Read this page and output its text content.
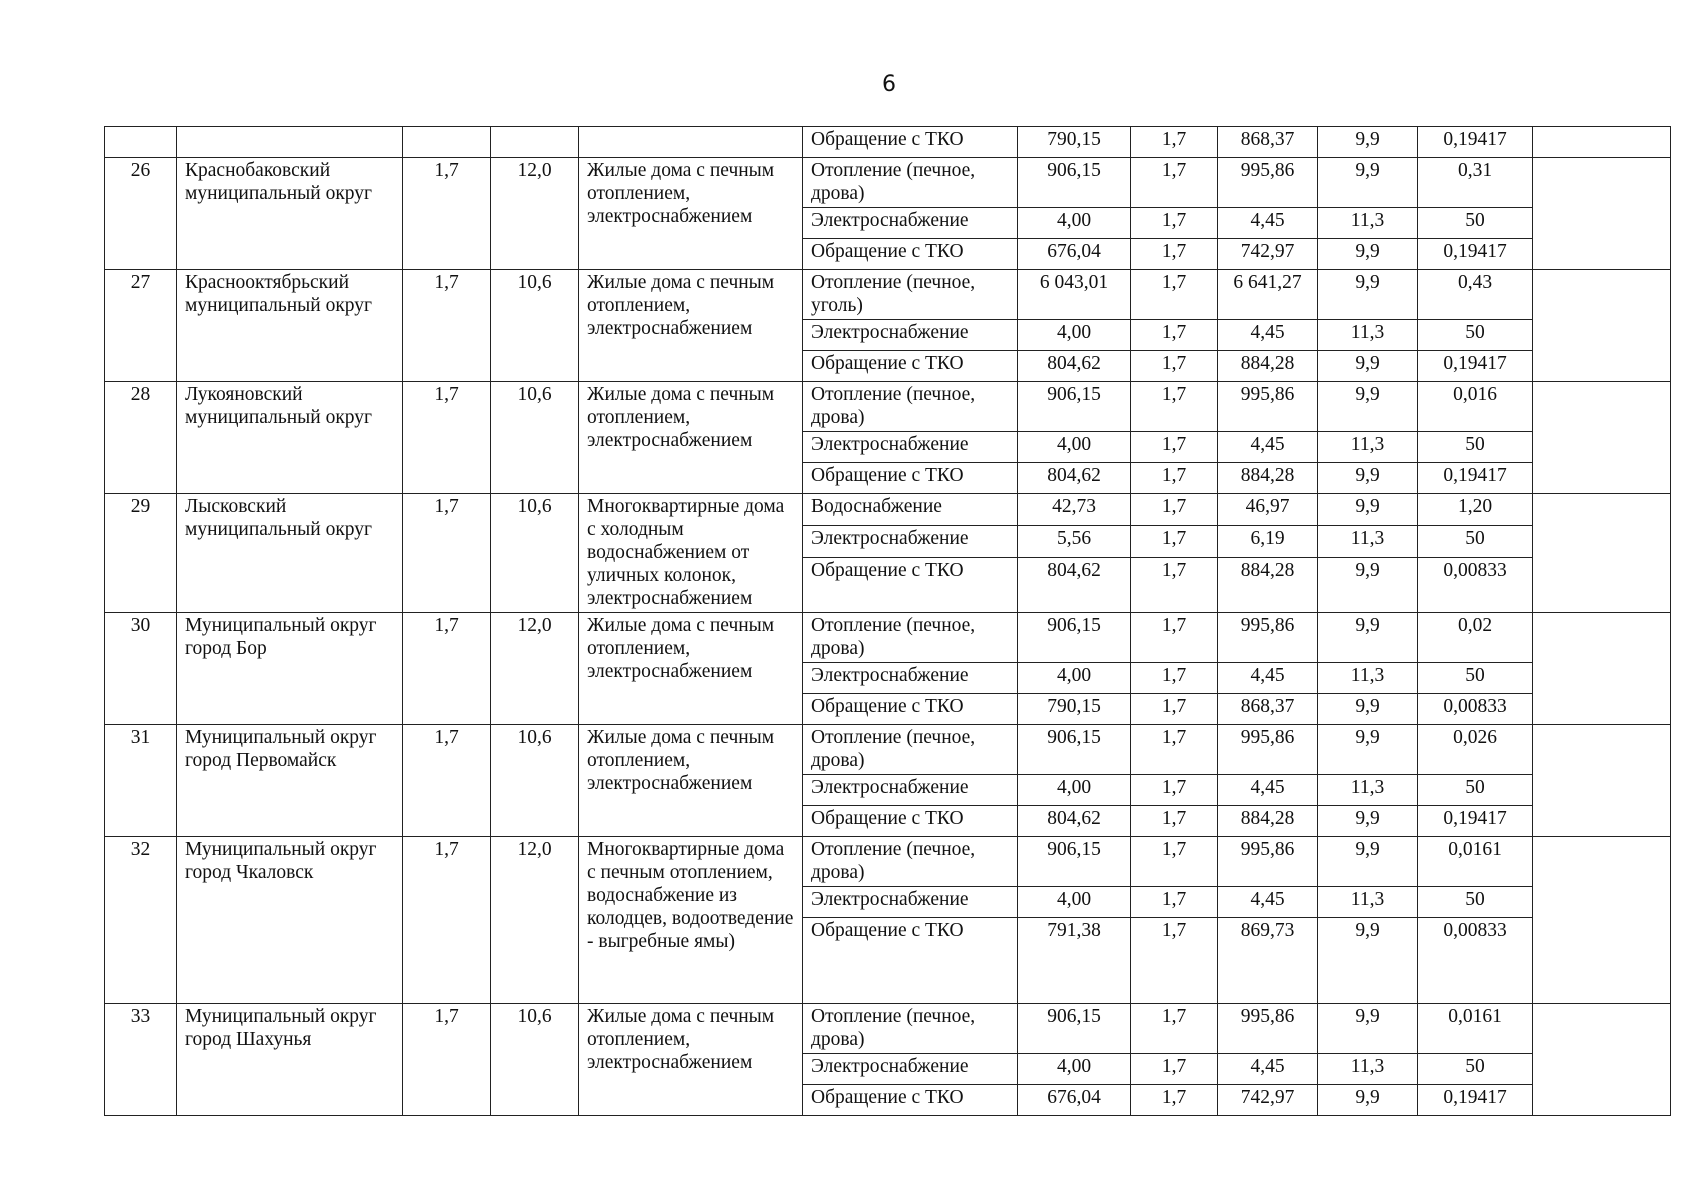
6
					Обращение с ТКО	790,15	1,7	868,37	9,9	0,19417	
26	Краснобаковский муниципальный округ	1,7	12,0	Жилые дома с печным отоплением, электроснабжением	Отопление (печное, дрова)	906,15	1,7	995,86	9,9	0,31	
					Электроснабжение	4,00	1,7	4,45	11,3	50	
					Обращение с ТКО	676,04	1,7	742,97	9,9	0,19417	
27	Краснооктябрьский муниципальный округ	1,7	10,6	Жилые дома с печным отоплением, электроснабжением	Отопление (печное, уголь)	6 043,01	1,7	6 641,27	9,9	0,43	
					Электроснабжение	4,00	1,7	4,45	11,3	50	
					Обращение с ТКО	804,62	1,7	884,28	9,9	0,19417	
28	Лукояновский муниципальный округ	1,7	10,6	Жилые дома с печным отоплением, электроснабжением	Отопление (печное, дрова)	906,15	1,7	995,86	9,9	0,016	
					Электроснабжение	4,00	1,7	4,45	11,3	50	
					Обращение с ТКО	804,62	1,7	884,28	9,9	0,19417	
29	Лысковский муниципальный округ	1,7	10,6	Многоквартирные дома с холодным водоснабжением от уличных колонок, электроснабжением	Водоснабжение	42,73	1,7	46,97	9,9	1,20	
					Электроснабжение	5,56	1,7	6,19	11,3	50	
					Обращение с ТКО	804,62	1,7	884,28	9,9	0,00833	
30	Муниципальный округ город Бор	1,7	12,0	Жилые дома с печным отоплением, электроснабжением	Отопление (печное, дрова)	906,15	1,7	995,86	9,9	0,02	
					Электроснабжение	4,00	1,7	4,45	11,3	50	
					Обращение с ТКО	790,15	1,7	868,37	9,9	0,00833	
31	Муниципальный округ город Первомайск	1,7	10,6	Жилые дома с печным отоплением, электроснабжением	Отопление (печное, дрова)	906,15	1,7	995,86	9,9	0,026	
					Электроснабжение	4,00	1,7	4,45	11,3	50	
					Обращение с ТКО	804,62	1,7	884,28	9,9	0,19417	
32	Муниципальный округ город Чкаловск	1,7	12,0	Многоквартирные дома с печным отоплением, водоснабжение из колодцев, водоотведение - выгребные ямы)	Отопление (печное, дрова)	906,15	1,7	995,86	9,9	0,0161	
					Электроснабжение	4,00	1,7	4,45	11,3	50	
					Обращение с ТКО	791,38	1,7	869,73	9,9	0,00833	
33	Муниципальный округ город Шахунья	1,7	10,6	Жилые дома с печным отоплением, электроснабжением	Отопление (печное, дрова)	906,15	1,7	995,86	9,9	0,0161	
					Электроснабжение	4,00	1,7	4,45	11,3	50	
					Обращение с ТКО	676,04	1,7	742,97	9,9	0,19417	
